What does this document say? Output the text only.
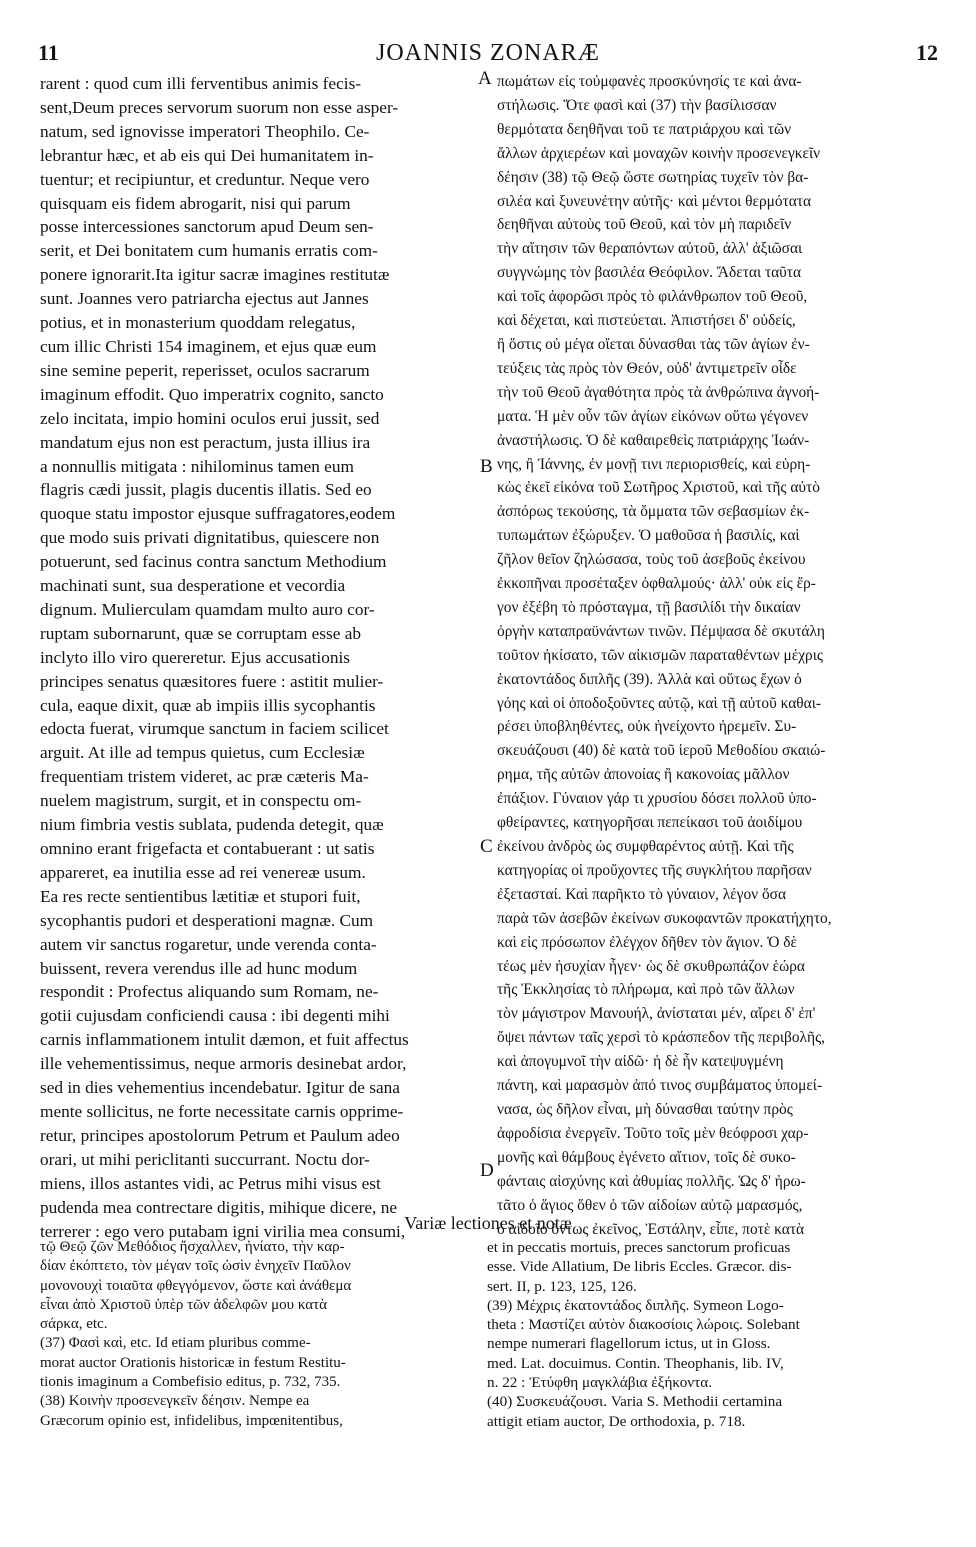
11	JOANNIS ZONARÆ	12
rarent : quod cum illi ferventibus animis fecis-
sent,Deum preces servorum suorum non esse asper-
natum, sed ignovisse imperatori Theophilo. Ce-
lebrantur hæc, et ab eis qui Dei humanitatem in-
tuentur; et recipiuntur, et creduntur. Neque vero
quisquam eis fidem abrogarit, nisi qui parum
posse intercessiones sanctorum apud Deum sen-
serit, et Dei bonitatem cum humanis erratis com-
ponere ignorarit.Ita igitur sacræ imagines restitutæ
sunt. Joannes vero patriarcha ejectus aut Jannes
potius, et in monasterium quoddam relegatus,
cum illic Christi 154 imaginem, et ejus quæ eum
sine semine peperit, reperisset, oculos sacrarum
imaginum effodit. Quo imperatrix cognito, sancto
zelo incitata, impio homini oculos erui jussit, sed
mandatum ejus non est peractum, justa illius ira
a nonnullis mitigata : nihilominus tamen eum
flagris cædi jussit, plagis ducentis illatis. Sed eo
quoque statu impostor ejusque suffragatores,eodem
que modo suis privati dignitatibus, quiescere non
potuerunt, sed facinus contra sanctum Methodium
machinati sunt, sua desperatione et vecordia
dignum. Mulierculam quamdam multo auro cor-
ruptam subornarunt, quæ se corruptam esse ab
inclyto illo viro quereretur. Ejus accusationis
principes senatus quæsitores fuere : astitit mulier-
cula, eaque dixit, quæ ab impiis illis sycophantis
edocta fuerat, virumque sanctum in faciem scilicet
arguit. At ille ad tempus quietus, cum Ecclesiæ
frequentiam tristem videret, ac præ cæteris Ma-
nuelem magistrum, surgit, et in conspectu om-
nium fimbria vestis sublata, pudenda detegit, quæ
omnino erant frigefacta et contabuerant : ut satis
appareret, ea inutilia esse ad rei venereæ usum.
Ea res recte sentientibus lætitiæ et stupori fuit,
sycophantis pudori et desperationi magnæ. Cum
autem vir sanctus rogaretur, unde verenda conta-
buissent, revera verendus ille ad hunc modum
respondit : Profectus aliquando sum Romam, ne-
gotii cujusdam conficiendi causa : ibi degenti mihi
carnis inflammationem intulit dæmon, et fuit affectus
ille vehementissimus, neque armoris desinebat ardor,
sed in dies vehementius incendebatur. Igitur de sana
mente sollicitus, ne forte necessitate carnis opprime-
retur, principes apostolorum Petrum et Paulum adeo
orari, ut mihi periclitanti succurrant. Noctu dor-
miens, illos astantes vidi, ac Petrus mihi visus est
pudenda mea contrectare digitis, mihique dicere, ne
terrerer : ego vero putabam igni virilia mea consumi,
πωμάτων εἰς τοὐμφανὲς προσκύνησίς τε καὶ ἀνα-
στήλωσις. Ὅτε φασὶ καὶ (37) τὴν βασίλισσαν
θερμότατα δεηθῆναι τοῦ τε πατριάρχου καὶ τῶν
ἄλλων ἀρχιερέων καὶ μοναχῶν κοινὴν προσενεγκεῖν
δέησιν (38) τῷ Θεῷ ὥστε σωτηρίας τυχεῖν τὸν βα-
σιλέα καὶ ξυνευνέτην αὐτῆς· καὶ μέντοι θερμότατα
δεηθῆναι αὐτοὺς τοῦ Θεοῦ, καὶ τὸν μὴ παριδεῖν
τὴν αἴτησιν τῶν θεραπόντων αὐτοῦ, ἀλλ' ἀξιῶσαι
συγγνώμης τὸν βασιλέα Θεόφιλον. Ἄδεται ταῦτα
καὶ τοῖς ἀφορῶσι πρὸς τὸ φιλάνθρωπον τοῦ Θεοῦ,
καὶ δέχεται, καὶ πιστεύεται. Ἀπιστήσει δ' οὐδείς,
ἢ ὅστις οὐ μέγα οἴεται δύνασθαι τὰς τῶν ἁγίων ἐν-
τεύξεις τὰς πρὸς τὸν Θεόν, οὐδ' ἀντιμετρεῖν οἶδε
τὴν τοῦ Θεοῦ ἀγαθότητα πρὸς τὰ ἀνθρώπινα ἀγνοή-
ματα. Ἡ μὲν οὖν τῶν ἁγίων εἰκόνων οὕτω γέγονεν
ἀναστήλωσις. Ὁ δὲ καθαιρεθεὶς πατριάρχης Ἰωάν-
νης, ἢ Ἰάννης, ἐν μονῇ τινι περιορισθείς, καὶ εὑρη-
κὼς ἐκεῖ εἰκόνα τοῦ Σωτῆρος Χριστοῦ, καὶ τῆς αὐτὸ
ἀσπόρως τεκούσης, τὰ ὄμματα τῶν σεβασμίων ἐκ-
τυπωμάτων ἐξώρυξεν. Ὁ μαθοῦσα ἡ βασιλίς, καὶ
ζῆλον θεῖον ζηλώσασα, τοὺς τοῦ ἀσεβοῦς ἐκείνου
ἐκκοπῆναι προσέταξεν ὀφθαλμούς· ἀλλ' οὐκ εἰς ἔρ-
γον ἐξέβη τὸ πρόσταγμα, τῇ βασιλίδι τὴν δικαίαν
ὀργὴν καταπραϋνάντων τινῶν. Πέμψασα δὲ σκυτάλη
τοῦτον ἠκίσατο, τῶν αἰκισμῶν παραταθέντων μέχρις
ἑκατοντάδος διπλῆς (39). Ἀλλὰ καὶ οὕτως ἔχων ὁ
γόης καὶ οἱ ὁποδοξοῦντες αὐτῷ, καὶ τῇ αὐτοῦ καθαι-
ρέσει ὑποβληθέντες, οὐκ ἠνείχοντο ἠρεμεῖν. Συ-
σκευάζουσι (40) δὲ κατὰ τοῦ ἱεροῦ Μεθοδίου σκαιώ-
ρημα, τῆς αὐτῶν ἀπονοίας ἢ κακονοίας μᾶλλον
ἐπάξιον. Γύναιον γάρ τι χρυσίου δόσει πολλοῦ ὑπο-
φθείραντες, κατηγορῆσαι πεπείκασι τοῦ ἀοιδίμου
ἐκείνου ἀνδρὸς ὡς συμφθαρέντος αὐτῇ. Καὶ τῆς
κατηγορίας οἱ προὔχοντες τῆς συγκλήτου παρῆσαν
ἐξετασταί. Καὶ παρῆκτο τὸ γύναιον, λέγον ὅσα
παρὰ τῶν ἀσεβῶν ἐκείνων συκοφαντῶν προκατήχητο,
καὶ εἰς πρόσωπον ἐλέγχον δῆθεν τὸν ἅγιον. Ὁ δὲ
τέως μὲν ἡσυχίαν ἦγεν· ὡς δὲ σκυθρωπάζον ἑώρα
τῆς Ἐκκλησίας τὸ πλήρωμα, καὶ πρὸ τῶν ἄλλων
τὸν μάγιστρον Μανουήλ, ἀνίσταται μέν, αἴρει δ' ἐπ'
ὄψει πάντων ταῖς χερσὶ τὸ κράσπεδον τῆς περιβολῆς,
καὶ ἀπογυμνοῖ τὴν αἰδῶ· ἡ δὲ ἦν κατεψυγμένη
πάντη, καὶ μαρασμὸν ἀπό τινος συμβάματος ὑπομεί-
νασα, ὡς δῆλον εἶναι, μὴ δύνασθαι ταύτην πρὸς
ἀφροδίσια ἐνεργεῖν. Τοῦτο τοῖς μὲν θεόφροσι χαρ-
μονῆς καὶ θάμβους ἐγένετο αἴτιον, τοῖς δὲ συκο-
φάνταις αἰσχύνης καὶ ἀθυμίας πολλῆς. Ὡς δ' ἠρω-
τᾶτο ὁ ἅγιος ὅθεν ὁ τῶν αἰδοίων αὐτῷ μαρασμός,
ὁ αἰδοῖο ὄντως ἐκεῖνος, Ἐστάλην, εἶπε, ποτὲ κατὰ
A
B
C
D
Variæ lectiones et notæ
τῷ Θεῷ ζῶν Μεθόδιος ἤσχαλλεν, ἠνίατο, τὴν καρ-
δίαν ἐκόπτετο, τὸν μέγαν τοῖς ὠσὶν ἐνηχεῖν Παῦλον
μονονουχὶ τοιαῦτα φθεγγόμενον, ὥστε καὶ ἀνάθεμα
εἶναι ἀπὸ Χριστοῦ ὑπὲρ τῶν ἀδελφῶν μου κατὰ
σάρκα, etc.
(37) Φασὶ καὶ, etc. Id etiam pluribus comme-
morat auctor Orationis historicæ in festum Restitu-
tionis imaginum a Combefisio editus, p. 732, 735.
(38) Κοινὴν προσενεγκεῖν δέησιν. Nempe ea
Græcorum opinio est, infidelibus, impœnitentibus,
et in peccatis mortuis, preces sanctorum proficuas
esse. Vide Allatium, De libris Eccles. Græcor. dis-
sert. II, p. 123, 125, 126.
(39) Μέχρις ἑκατοντάδος διπλῆς. Symeon Logo-
theta : Μαστίζει αὐτὸν διακοσίοις λώροις. Solebant
nempe numerari flagellorum ictus, ut in Gloss.
med. Lat. docuimus. Contin. Theophanis, lib. IV,
n. 22 : Ἐτύφθη μαγκλάβια ἐξήκοντα.
(40) Συσκευάζουσι. Varia S. Methodii certamina
attigit etiam auctor, De orthodoxia, p. 718.
